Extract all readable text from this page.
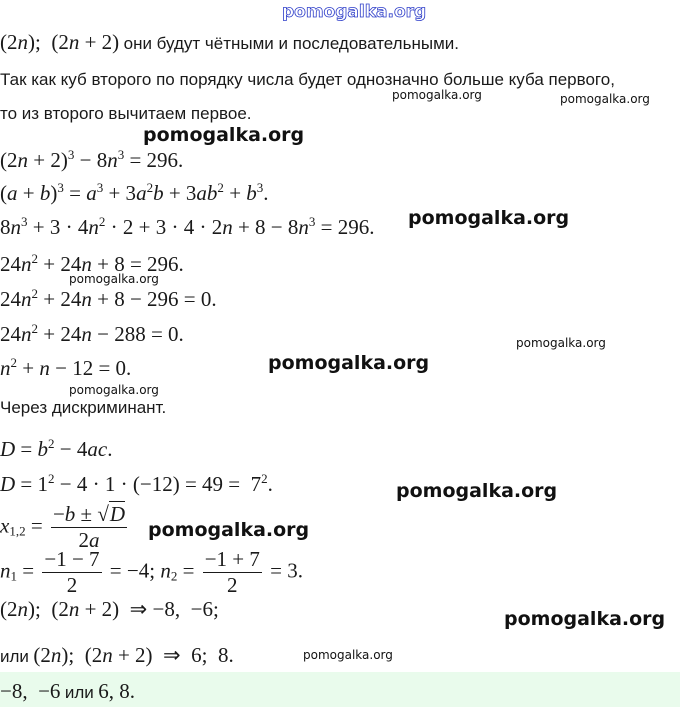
pomogalka.org
(2n);  (2n + 2) они будут чётными и последовательными.
Так как куб второго по порядку числа будет однозначно больше куба первого,
то из второго вычитаем первое.
pomogalka.org	pomogalka.org
pomogalka.org
$(2n + 2)^3 - 8n^3 = 296$.
$(a + b)^3 = a^3 + 3a^2b + 3ab^2 + b^3$.
$8n^3 + 3 \cdot 4n^2 \cdot 2 + 3 \cdot 4 \cdot 2n + 8 - 8n^3 = 296$. pomogalka.org
$24n^2 + 24n + 8 = 296$.
pomogalka.org
$24n^2 + 24n + 8 - 296 = 0$.
$24n^2 + 24n - 288 = 0$.	pomogalka.org
$n^2 + n - 12 = 0$.	pomogalka.org
pomogalka.org
Через дискриминант.
$D = b^2 - 4ac$.
$D = 1^2 - 4 \cdot 1 \cdot (-12) = 49 = 7^2$.	pomogalka.org
$x_{1,2} = \frac{-b \pm √D}{2a}$ pomogalka.org
$n_1 = \frac{-1 - 7}{2} = -4$; $n_2 = \frac{-1 + 7}{2} = 3$.
(2n);  (2n + 2)  ⇒ −8,  −6;	pomogalka.org
или (2n);  (2n + 2)  ⇒  6;  8.	pomogalka.org
−8,  −6 или 6, 8.
